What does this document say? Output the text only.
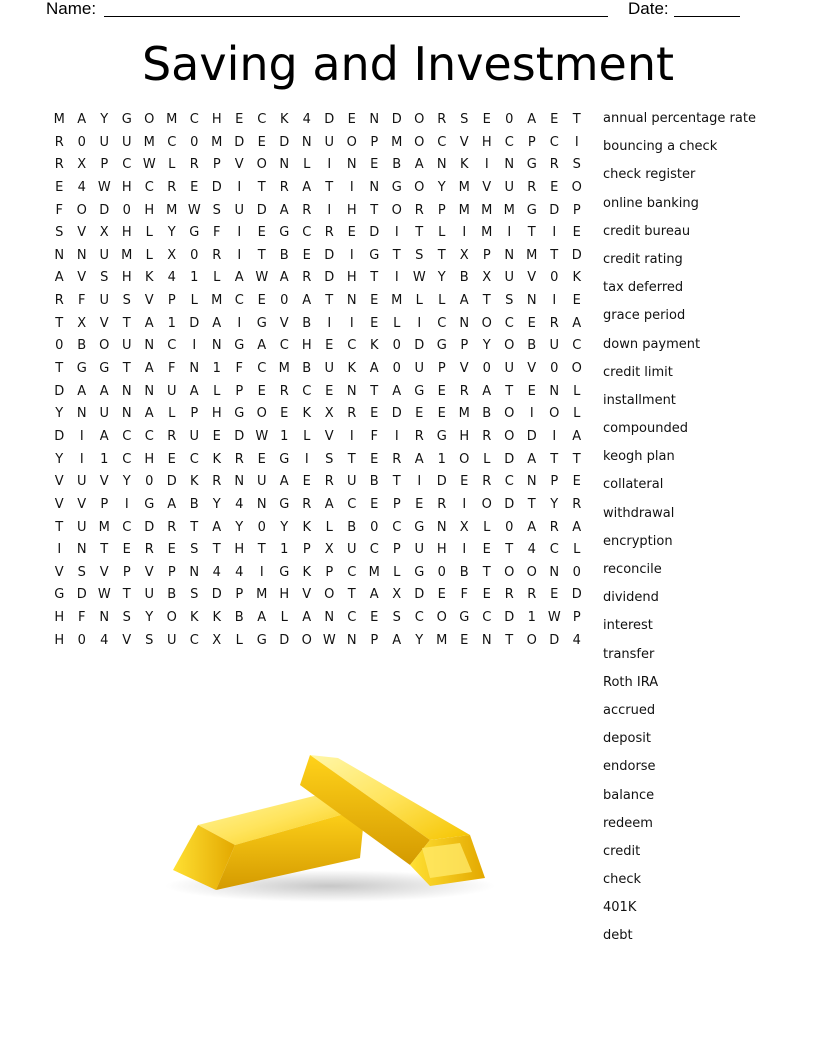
Name:	Date:
Saving and Investment
M A	Y	G O M C	H	E	C	K	4	D	E	N D O R	S	E	0	A	E	T
R	0	U U M C	0 M D	E	D N U O	P M O C	V	H	C	P	C	I
R	X	P	C W L	R	P	V O N	L	I	N	E	B	A	N	K	I	N G R	S
E	4 W H	C	R	E	D	I	T	R	A	T	I	N G O	Y M V	U	R	E	O
F	O D	0	H M W S	U D	A	R	I	H	T	O R	P M M M G D	P
S	V	X	H	L	Y	G	F	I	E	G C	R	E	D	I	T	L	I	M	I	T	I	E
N N U M	L	X	0	R	I	T	B	E	D	I	G	T	S	T	X	P	N M T	D
A	V	S	H	K	4	1	L	A W A	R D H	T	I	W Y	B	X	U	V	0	K
R	F	U	S	V	P	L	M C	E	0	A	T	N	E M	L	L	A	T	S	N	I	E
T	X	V	T	A	1	D	A	I	G	V	B	I	I	E	L	I	C	N O C	E	R	A
0	B O U N	C	I	N G	A	C	H	E	C	K	0	D G	P	Y	O B	U	C
T	G G	T	A	F	N	1	F	C M B	U	K	A	0	U	P	V	0	U	V	0	O
D	A	A	N N U	A	L	P	E	R	C	E	N	T	A	G	E	R	A	T	E	N	L
Y	N U N	A	L	P	H G O	E	K	X	R	E	D	E	E M B O	I	O	L
D	I	A	C	C	R	U	E	D W 1	L	V	I	F	I	R G H	R O D	I	A
Y	I	1	C	H	E	C	K	R	E	G	I	S	T	E	R	A	1	O	L	D	A	T	T
V	U	V	Y	0	D	K	R	N U	A	E	R	U	B	T	I	D	E	R	C	N	P	E
V	V	P	I	G	A	B	Y	4	N G R	A	C	E	P	E	R	I	O D	T	Y	R
T	U M C D R	T	A	Y	0	Y	K	L	B	0	C G N	X	L	0	A	R	A
I	N	T	E	R	E	S	T	H	T	1	P	X	U	C	P	U H	I	E	T	4	C	L
V	S	V	P	V	P	N	4	4	I	G	K	P	C M	L	G	0	B	T	O O N	0
G D W T	U	B	S	D	P M H	V O	T	A	X	D	E	F	E	R	R	E	D
H	F	N	S	Y	O	K	K	B	A	L	A	N	C	E	S	C O G C D	1 W P
H	0	4	V	S	U	C	X	L	G D O W N	P	A	Y M E	N	T	O D	4
annual percentage rate
bouncing a check
check register
online banking
credit bureau
credit rating
tax deferred
grace period
down payment
credit limit
installment
compounded
keogh plan
collateral
withdrawal
encryption
reconcile
dividend
interest
transfer
Roth IRA
accrued
deposit
endorse
balance
redeem
credit
check
401K
debt
